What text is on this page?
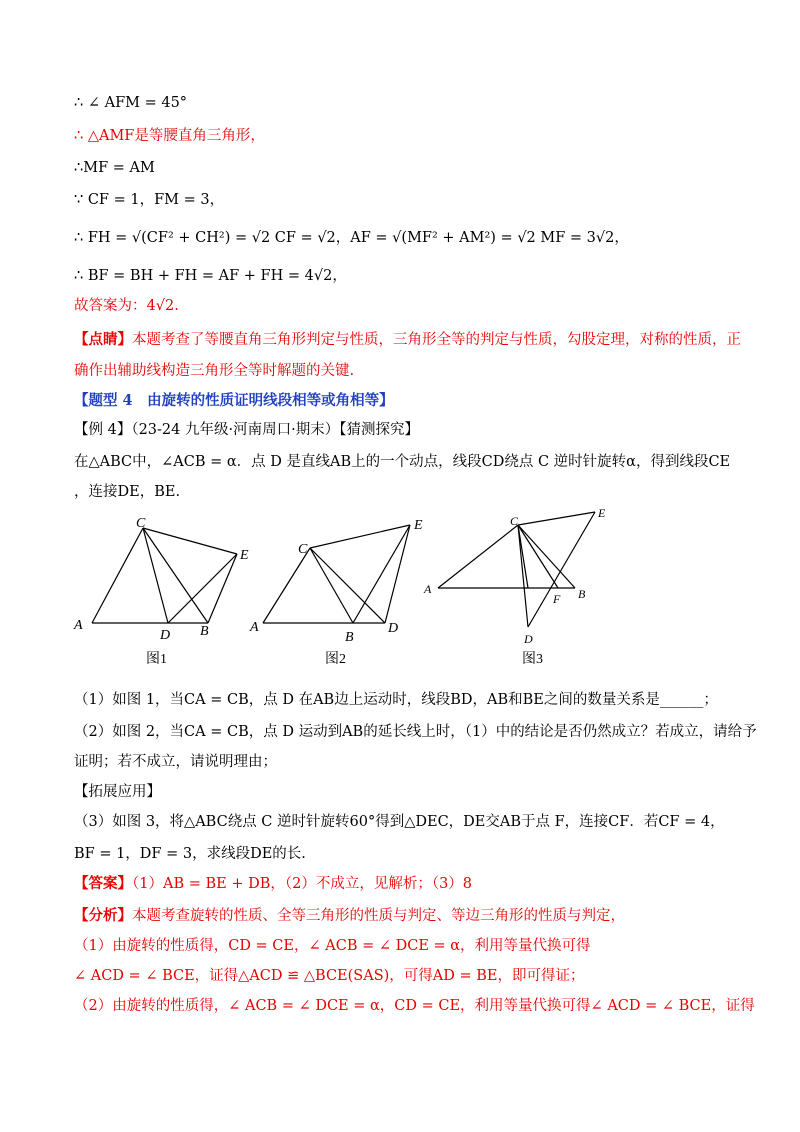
∴ ∠ AFM = 45°
∴ △AMF是等腰直角三角形，
∴MF = AM
∵ CF = 1，FM = 3，
∴ FH = √(CF² + CH²) = √2 CF = √2，AF = √(MF² + AM²) = √2 MF = 3√2，
∴ BF = BH + FH = AF + FH = 4√2，
故答案为：4√2.
【点睛】本题考查了等腰直角三角形判定与性质，三角形全等的判定与性质，勾股定理，对称的性质，正
确作出辅助线构造三角形全等时解题的关键.
【题型 4　由旋转的性质证明线段相等或角相等】
【例 4】（23-24 九年级·河南周口·期末）【猜测探究】
在△ABC中，∠ACB = α．点 D 是直线AB上的一个动点，线段CD绕点 C 逆时针旋转α，得到线段CE
，连接DE，BE.
C
E
A
D B
C
E
A
B
D
C
E
A	B
F
D
图1	图2	图3
（1）如图 1，当CA = CB，点 D 在AB边上运动时，线段BD，AB和BE之间的数量关系是______；
（2）如图 2，当CA = CB，点 D 运动到AB的延长线上时，（1）中的结论是否仍然成立？若成立，请给予
证明；若不成立，请说明理由；
【拓展应用】
（3）如图 3，将△ABC绕点 C 逆时针旋转60°得到△DEC，DE交AB于点 F，连接CF．若CF = 4，
BF = 1，DF = 3，求线段DE的长.
【答案】（1）AB = BE + DB，（2）不成立，见解析；（3）8
【分析】本题考查旋转的性质、全等三角形的性质与判定、等边三角形的性质与判定，
（1）由旋转的性质得，CD = CE，∠ ACB = ∠ DCE = α，利用等量代换可得
∠ ACD = ∠ BCE，证得△ACD ≌ △BCE(SAS)，可得AD = BE，即可得证；
（2）由旋转的性质得，∠ ACB = ∠ DCE = α，CD = CE，利用等量代换可得∠ ACD = ∠ BCE，证得
